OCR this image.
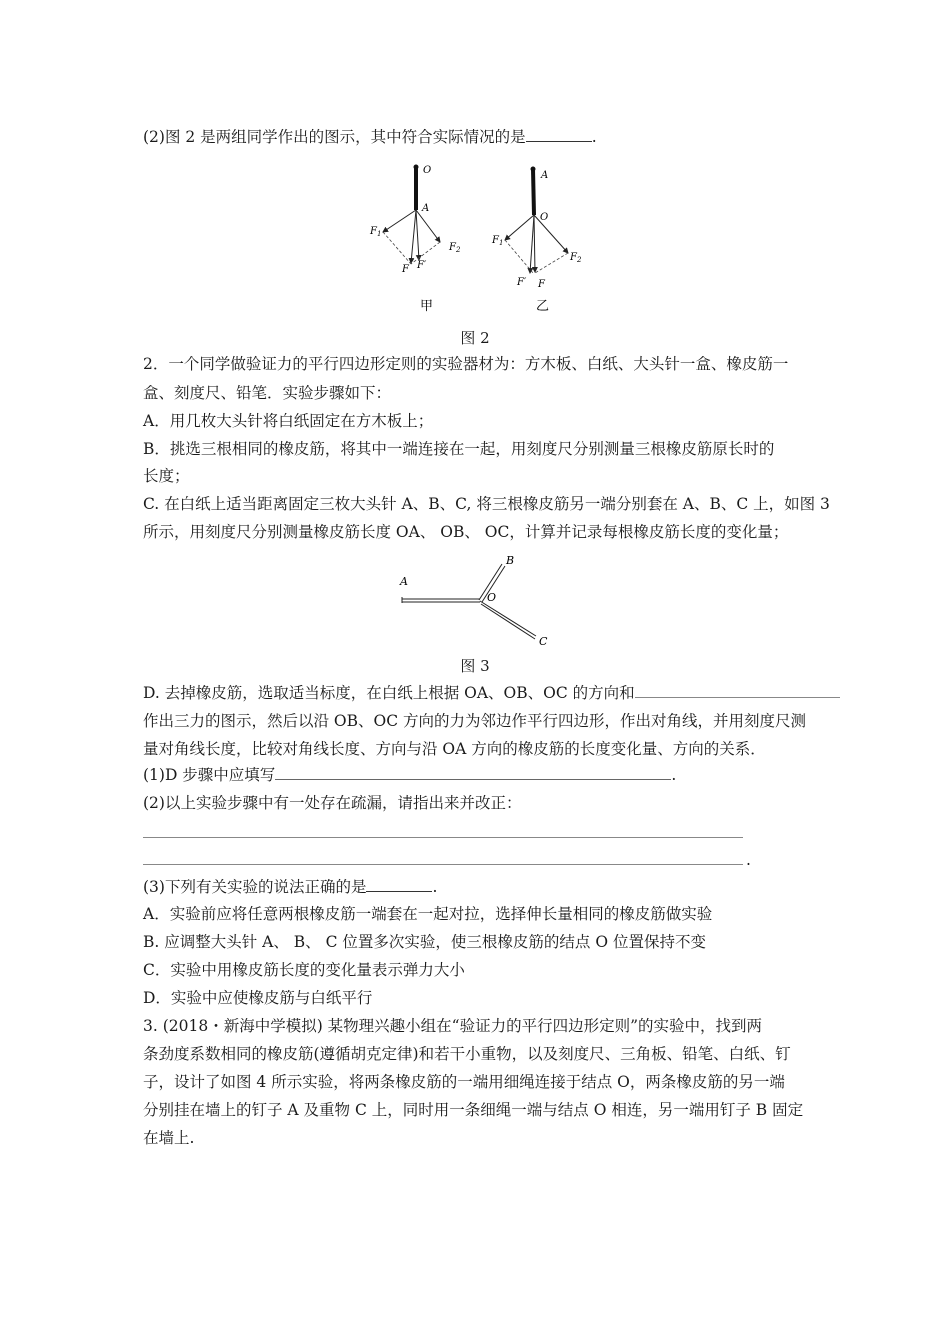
(2)图 2 是两组同学作出的图示，其中符合实际情况的是	.
O
A
$F_1$
$F_2$
F F′
甲
A
O
$F_1$
$F_2$
F
F′
乙
图 2
2．一个同学做验证力的平行四边形定则的实验器材为：方木板、白纸、大头针一盒、橡皮筋一
盒、刻度尺、铅笔．实验步骤如下：
A．用几枚大头针将白纸固定在方木板上；
B．挑选三根相同的橡皮筋，将其中一端连接在一起，用刻度尺分别测量三根橡皮筋原长时的
长度；
C. 在白纸上适当距离固定三枚大头针 A、B、C, 将三根橡皮筋另一端分别套在 A、B、C 上，如图 3
所示，用刻度尺分别测量橡皮筋长度 OA、 OB、 OC，计算并记录每根橡皮筋长度的变化量；
A
B
O
C
图 3
D. 去掉橡皮筋，选取适当标度，在白纸上根据 OA、OB、OC 的方向和
作出三力的图示，然后以沿 OB、OC 方向的力为邻边作平行四边形，作出对角线，并用刻度尺测
量对角线长度，比较对角线长度、方向与沿 OA 方向的橡皮筋的长度变化量、方向的关系．
(1)D 步骤中应填写	.
(2)以上实验步骤中有一处存在疏漏，请指出来并改正：
.
(3)下列有关实验的说法正确的是	.
A．实验前应将任意两根橡皮筋一端套在一起对拉，选择伸长量相同的橡皮筋做实验
B. 应调整大头针 A、 B、 C 位置多次实验，使三根橡皮筋的结点 O 位置保持不变
C．实验中用橡皮筋长度的变化量表示弹力大小
D．实验中应使橡皮筋与白纸平行
3. (2018・新海中学模拟) 某物理兴趣小组在“验证力的平行四边形定则”的实验中，找到两
条劲度系数相同的橡皮筋(遵循胡克定律)和若干小重物，以及刻度尺、三角板、铅笔、白纸、钉
子，设计了如图 4 所示实验，将两条橡皮筋的一端用细绳连接于结点 O，两条橡皮筋的另一端
分别挂在墙上的钉子 A 及重物 C 上，同时用一条细绳一端与结点 O 相连，另一端用钉子 B 固定
在墙上.
